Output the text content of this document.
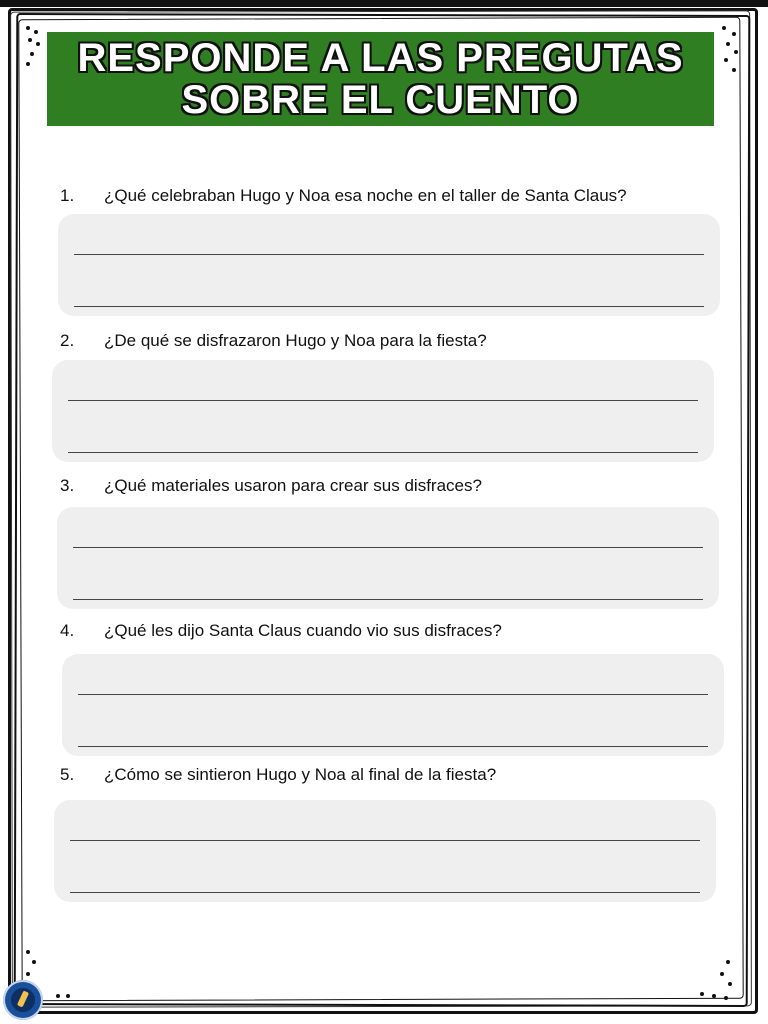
RESPONDE A LAS PREGUTAS
SOBRE EL CUENTO
1.	¿Qué celebraban Hugo y Noa esa noche en el taller de Santa Claus?
2.	¿De qué se disfrazaron Hugo y Noa para la fiesta?
3.	¿Qué materiales usaron para crear sus disfraces?
4.	¿Qué les dijo Santa Claus cuando vio sus disfraces?
5.	¿Cómo se sintieron Hugo y Noa al final de la fiesta?
